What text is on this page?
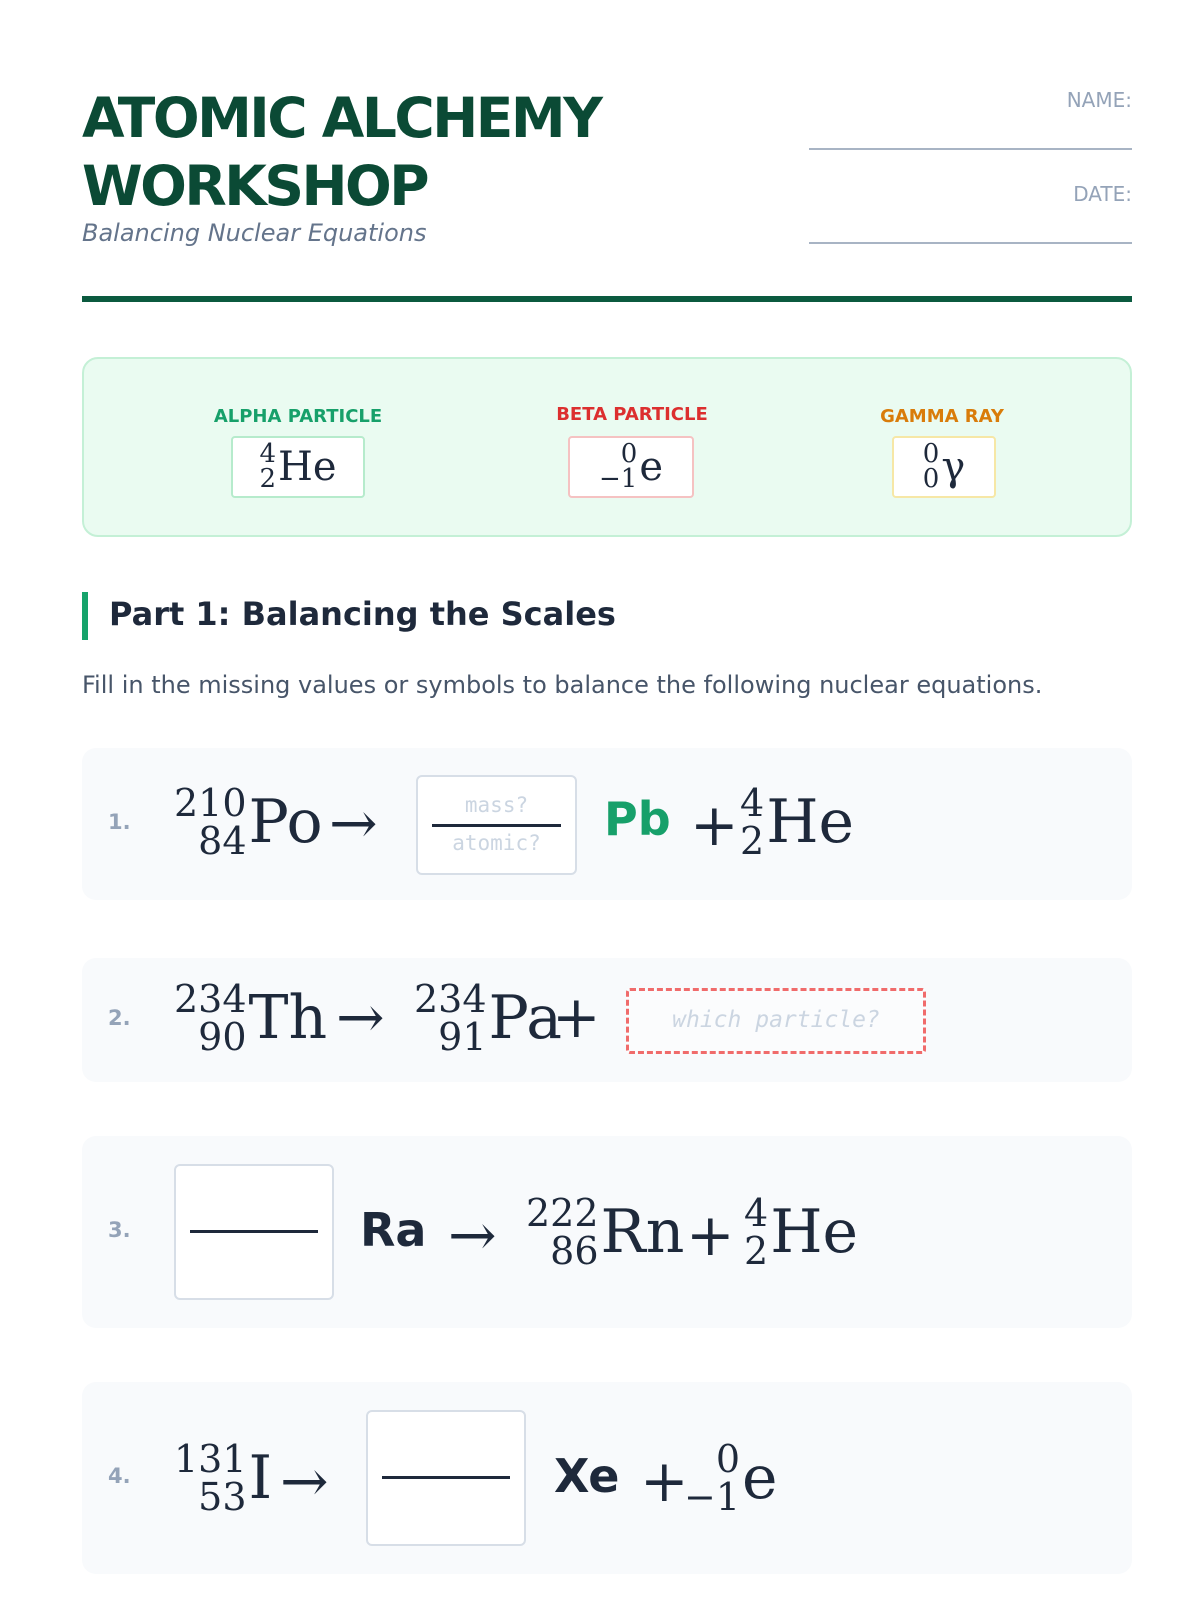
ATOMIC ALCHEMY
WORKSHOP
Balancing Nuclear Equations
NAME:
DATE:
ALPHA PARTICLE
4
2 He
BETA PARTICLE
0
−1 e
GAMMA RAY
0
0 γ
Part 1: Balancing the Scales
Fill in the missing values or symbols to balance the following nuclear equations.
1. 210
84 Po →	mass?
atomic?	Pb + 4
2 He
2. 234
90 Th → 234
91 Pa
+	which particle?
3.	Ra → 222
86 Rn + 4
2 He
4. 131
53 I →	Xe + 0
−1 e
